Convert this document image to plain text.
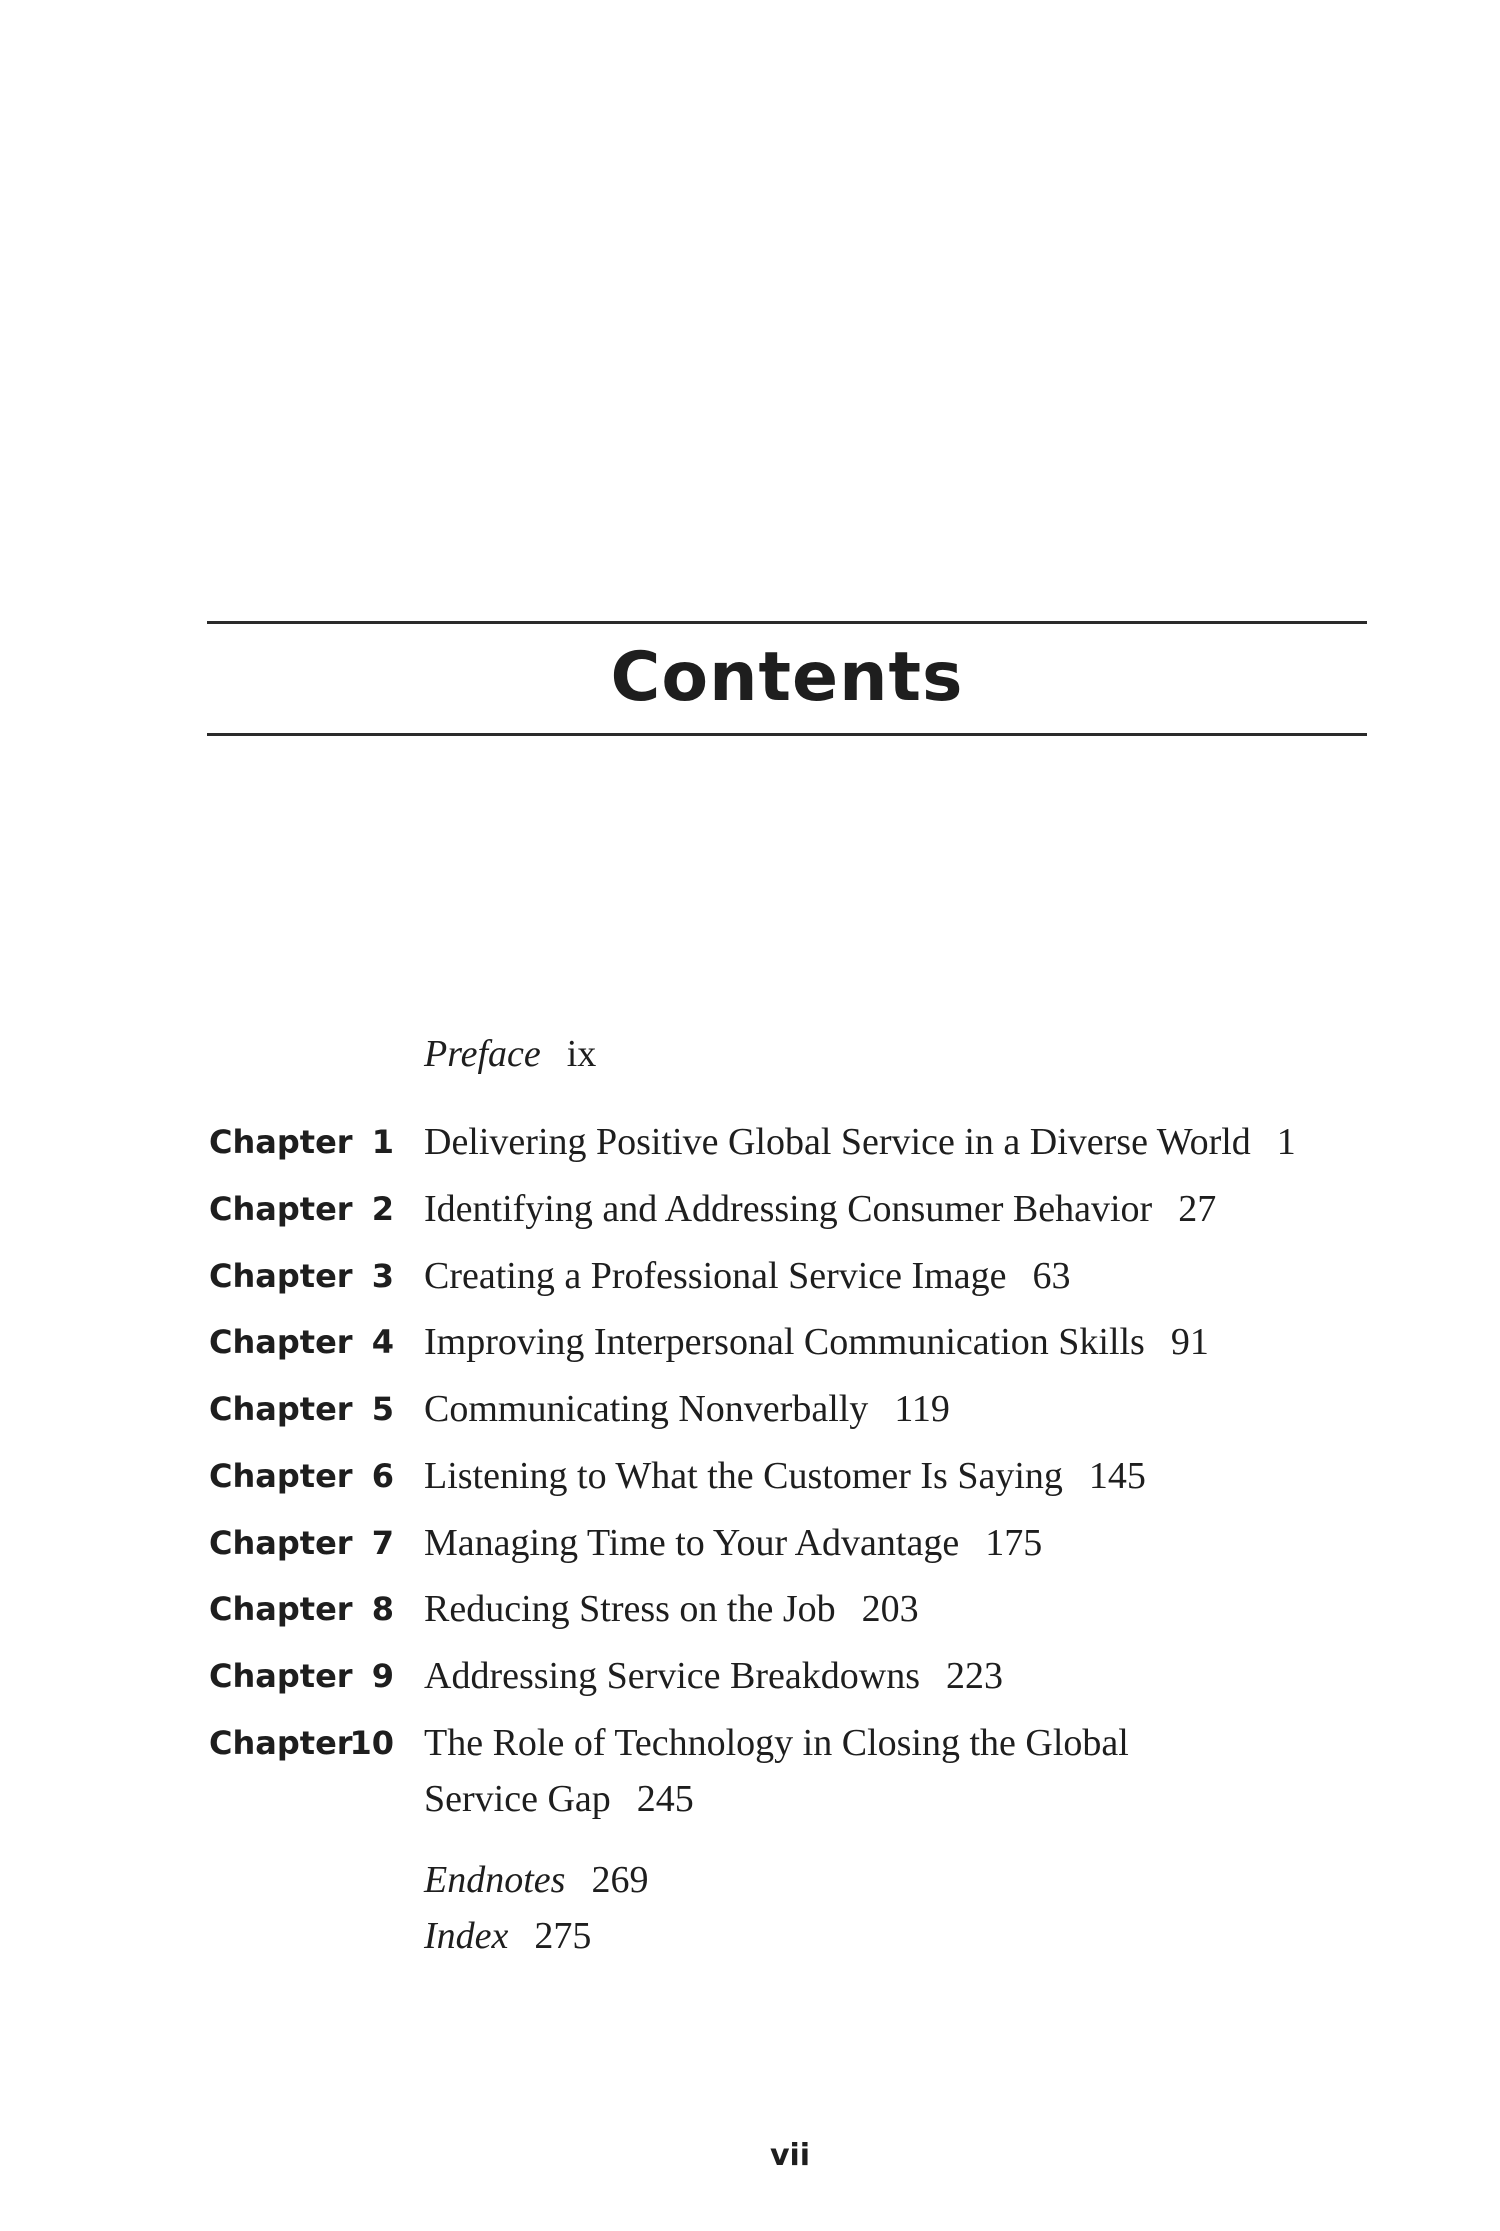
Contents
Preface ix
Chapter 1 Delivering Positive Global Service in a Diverse World 1
Chapter 2 Identifying and Addressing Consumer Behavior 27
Chapter 3 Creating a Professional Service Image 63
Chapter 4 Improving Interpersonal Communication Skills 91
Chapter 5 Communicating Nonverbally 119
Chapter 6 Listening to What the Customer Is Saying 145
Chapter 7 Managing Time to Your Advantage 175
Chapter 8 Reducing Stress on the Job 203
Chapter 9 Addressing Service Breakdowns 223
Chapter
10 The Role of Technology in Closing the Global Service Gap 245
Endnotes 269
Index 275
vii
